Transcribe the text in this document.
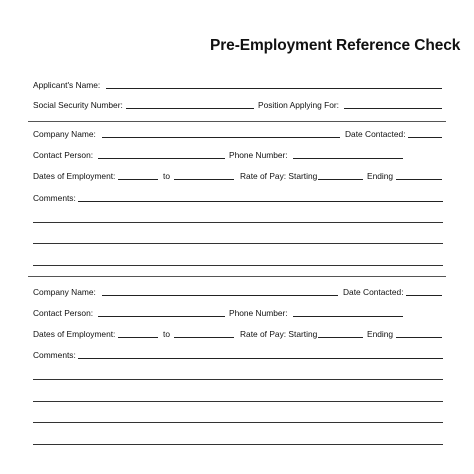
Pre-Employment Reference Check
Applicant's Name:
Social Security Number:	Position Applying For:
Company Name:	Date Contacted:
Contact Person:	Phone Number:
Dates of Employment:	to	Rate of Pay: Starting	Ending
Comments:
Company Name:	Date Contacted:
Contact Person:	Phone Number:
Dates of Employment:	to	Rate of Pay: Starting	Ending
Comments:
